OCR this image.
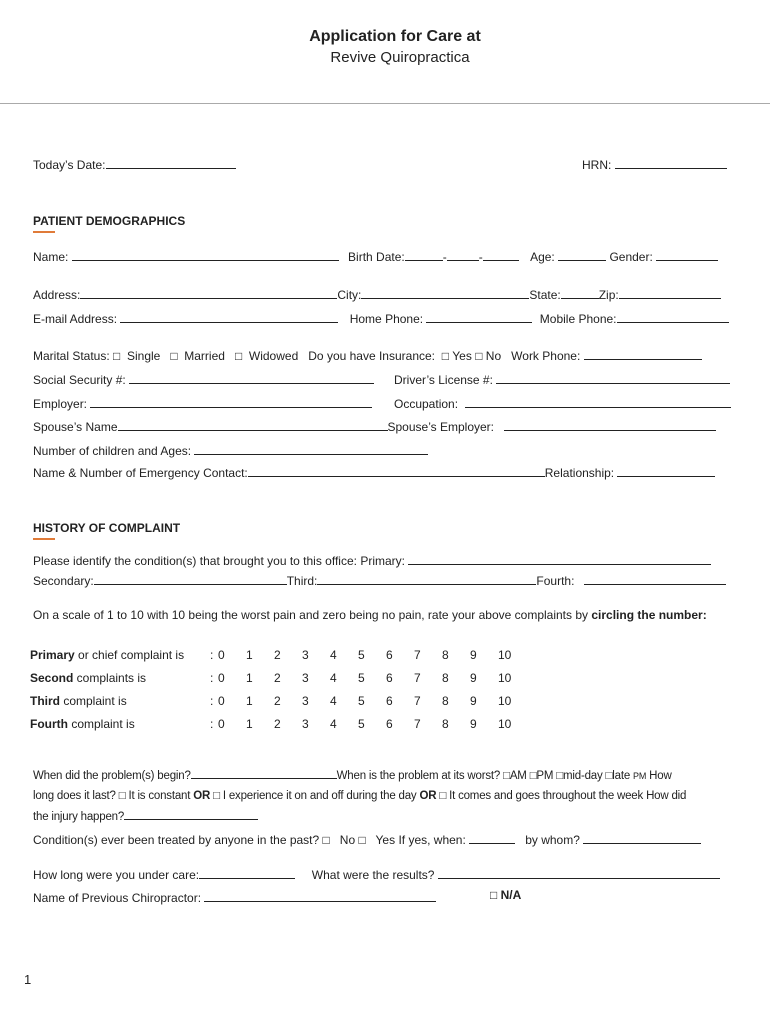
Application for Care at
Revive Quiropractica
Today’s Date:	HRN:
PATIENT DEMOGRAPHICS
Name:	Birth Date:	-	-	Age:	Gender:
Address:	City:	State:	Zip:
E-mail Address:	Home Phone:	Mobile Phone:
Marital Status: □ Single □ Married □ Widowed Do you have Insurance: □ Yes □ No Work Phone:
Social Security #:	Driver’s License #:
Employer:	Occupation:
Spouse’s Name	Spouse’s Employer:
Number of children and Ages:
Name & Number of Emergency Contact:	Relationship:
HISTORY OF COMPLAINT
Please identify the condition(s) that brought you to this office: Primary:
Secondary:	Third:	Fourth:
On a scale of 1 to 10 with 10 being the worst pain and zero being no pain, rate your above complaints by circling the number:
Primary or chief complaint is	:	0	1	2	3	4	5	6	7	8	9	10
Second complaints is	:	0	1	2	3	4	5	6	7	8	9	10
Third complaint is	:	0	1	2	3	4	5	6	7	8	9	10
Fourth complaint is	:	0	1	2	3	4	5	6	7	8	9	10
When did the problem(s) begin?	When is the problem at its worst? □AM □PM □mid-day □late PM How
long does it last? □ It is constant OR □ I experience it on and off during the day OR □ It comes and goes throughout the week How did
the injury happen?
Condition(s) ever been treated by anyone in the past? □ No □ Yes If yes, when:	by whom?
How long were you under care:	What were the results?
Name of Previous Chiropractor:	□ N/A
1
